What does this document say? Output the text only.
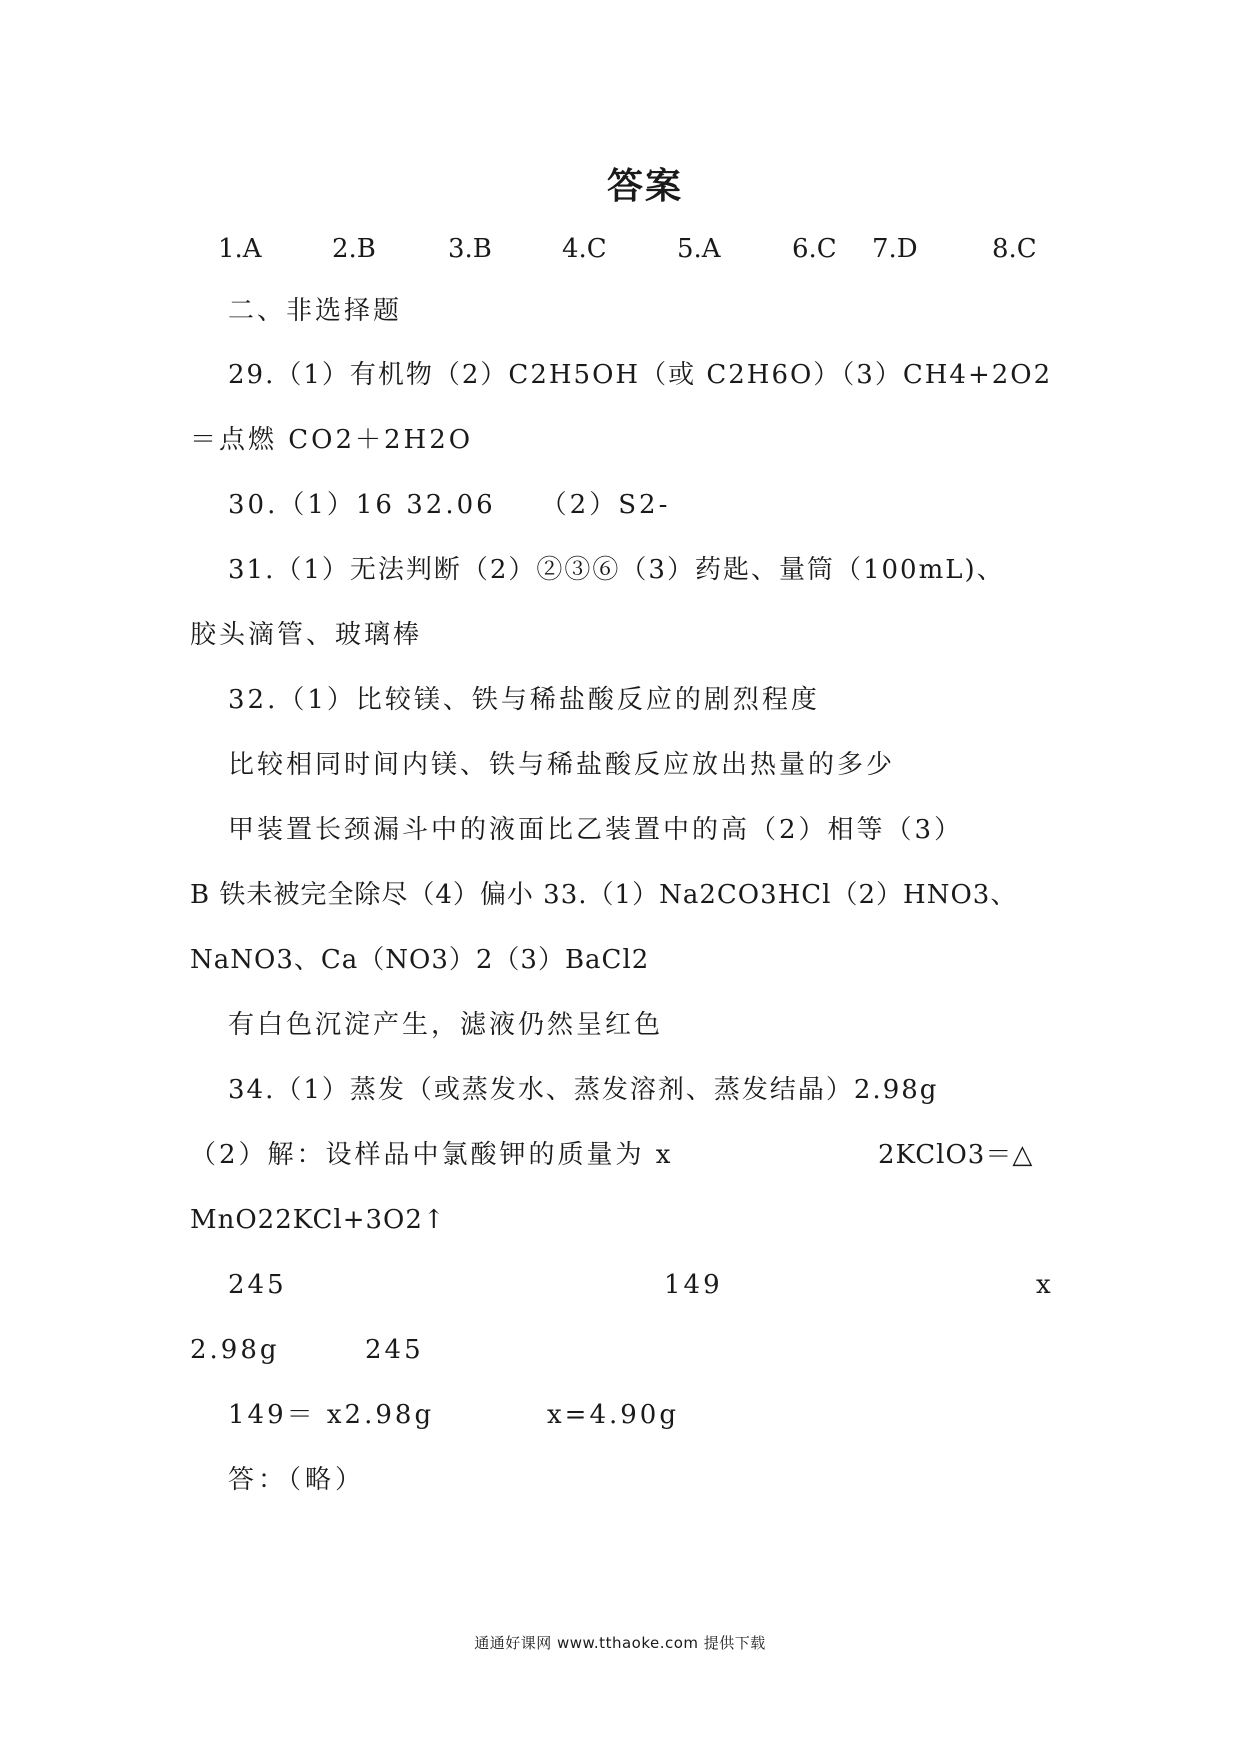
答案
1.A	2.B	3.B	4.C	5.A	6.C 7.D	8.C
二、非选择题
29.（1）有机物（2）C2H5OH（或 C2H6O）（3）CH4+2O2
＝点燃 CO2＋2H2O
30.（1）16 32.06　　（2）S2-
31.（1）无法判断（2）②③⑥（3）药匙、量筒（100mL)、
胶头滴管、玻璃棒
32.（1）比较镁、铁与稀盐酸反应的剧烈程度
比较相同时间内镁、铁与稀盐酸反应放出热量的多少
甲装置长颈漏斗中的液面比乙装置中的高（2）相等（3）
B 铁未被完全除尽（4）偏小 33.（1）Na2CO3HCl（2）HNO3、
NaNO3、Ca（NO3）2（3）BaCl2
有白色沉淀产生，滤液仍然呈红色
34.（1）蒸发（或蒸发水、蒸发溶剂、蒸发结晶）2.98g
（2）解：设样品中氯酸钾的质量为 x	2KClO3＝△
MnO22KCl+3O2↑
245	149	x
2.98g	245
149＝ x2.98g	x=4.90g
答：（略）
通通好课网 www.tthaoke.com 提供下载
